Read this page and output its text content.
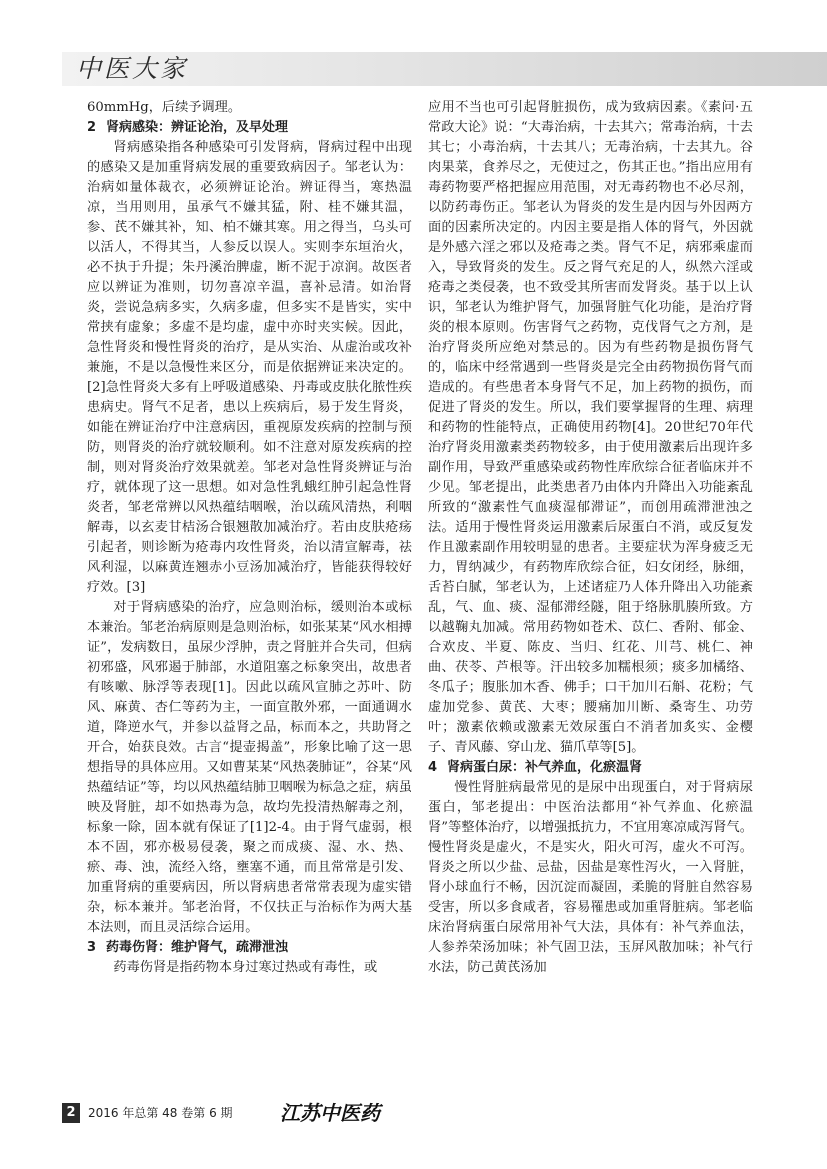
中医大家

60mmHg，后续予调理。

2 肾病感染：辨证论治，及早处理

肾病感染指各种感染可引发肾病，肾病过程中出现的感染又是加重肾病发展的重要致病因子。邹老认为：治病如量体裁衣，必须辨证论治。辨证得当，寒热温凉，当用则用，虽承气不嫌其猛，附、桂不嫌其温，参、芪不嫌其补，知、柏不嫌其寒。用之得当，乌头可以活人，不得其当，人参反以误人。实则李东垣治火，必不执于升提；朱丹溪治脾虚，断不泥于凉润。故医者应以辨证为准则，切勿喜凉辛温，喜补忌清。如治肾炎，尝说急病多实，久病多虚，但多实不是皆实，实中常挟有虚象；多虚不是均虚，虚中亦时夹实候。因此，急性肾炎和慢性肾炎的治疗，是从实治、从虚治或攻补兼施，不是以急慢性来区分，而是依据辨证来决定的。[2]急性肾炎大多有上呼吸道感染、丹毒或皮肤化脓性疾患病史。肾气不足者，患以上疾病后，易于发生肾炎，如能在辨证治疗中注意病因，重视原发疾病的控制与预防，则肾炎的治疗就较顺利。如不注意对原发疾病的控制，则对肾炎治疗效果就差。邹老对急性肾炎辨证与治疗，就体现了这一思想。如对急性乳蛾红肿引起急性肾炎者，邹老常辨以风热蕴结咽喉，治以疏风清热，利咽解毒，以玄麦甘桔汤合银翘散加减治疗。若由皮肤疮疡引起者，则诊断为疮毒内攻性肾炎，治以清宣解毒，祛风利湿，以麻黄连翘赤小豆汤加减治疗，皆能获得较好疗效。[3]

对于肾病感染的治疗，应急则治标，缓则治本或标本兼治。邹老治病原则是急则治标，如张某某“风水相搏证”，发病数日，虽尿少浮肿，责之肾脏并合失司，但病初邪盛，风邪遏于肺部，水道阻塞之标象突出，故患者有咳嗽、脉浮等表现[1]。因此以疏风宣肺之苏叶、防风、麻黄、杏仁等药为主，一面宣散外邪，一面通调水道，降逆水气，并参以益肾之品，标而本之，共助肾之开合，始获良效。古言“提壶揭盖”，形象比喻了这一思想指导的具体应用。又如曹某某“风热袭肺证”，谷某“风热蕴结证”等，均以风热蕴结肺卫咽喉为标急之症，病虽映及肾脏，却不如热毒为急，故均先投清热解毒之剂，标象一除，固本就有保证了[1]2-4。由于肾气虚弱，根本不固，邪亦极易侵袭，聚之而成痰、湿、水、热、瘀、毒、浊，流经入络，壅塞不通，而且常常是引发、加重肾病的重要病因，所以肾病患者常常表现为虚实错杂，标本兼并。邹老治肾，不仅扶正与治标作为两大基本法则，而且灵活综合运用。

3 药毒伤肾：维护肾气，疏滞泄浊

药毒伤肾是指药物本身过寒过热或有毒性，或

应用不当也可引起肾脏损伤，成为致病因素。《素问·五常政大论》说：“大毒治病，十去其六；常毒治病，十去其七；小毒治病，十去其八；无毒治病，十去其九。谷肉果菜，食养尽之，无使过之，伤其正也。”指出应用有毒药物要严格把握应用范围，对无毒药物也不必尽剂，以防药毒伤正。邹老认为肾炎的发生是内因与外因两方面的因素所决定的。内因主要是指人体的肾气，外因就是外感六淫之邪以及疮毒之类。肾气不足，病邪乘虚而入，导致肾炎的发生。反之肾气充足的人，纵然六淫或疮毒之类侵袭，也不致受其所害而发肾炎。基于以上认识，邹老认为维护肾气，加强肾脏气化功能，是治疗肾炎的根本原则。伤害肾气之药物，克伐肾气之方剂，是治疗肾炎所应绝对禁忌的。因为有些药物是损伤肾气的，临床中经常遇到一些肾炎是完全由药物损伤肾气而造成的。有些患者本身肾气不足，加上药物的损伤，而促进了肾炎的发生。所以，我们要掌握肾的生理、病理和药物的性能特点，正确使用药物[4]。20世纪70年代治疗肾炎用激素类药物较多，由于使用激素后出现许多副作用，导致严重感染或药物性库欣综合征者临床并不少见。邹老提出，此类患者乃由体内升降出入功能紊乱所致的“激素性气血痰湿郁滞证”，而创用疏滞泄浊之法。适用于慢性肾炎运用激素后尿蛋白不消，或反复发作且激素副作用较明显的患者。主要症状为浑身疲乏无力，胃纳减少，有药物库欣综合征，妇女闭经，脉细，舌苔白腻，邹老认为，上述诸症乃人体升降出入功能紊乱，气、血、痰、湿郁滞经隧，阻于络脉肌腠所致。方以越鞠丸加减。常用药物如苍术、苡仁、香附、郁金、合欢皮、半夏、陈皮、当归、红花、川芎、桃仁、神曲、茯苓、芦根等。汗出较多加糯根须；痰多加橘络、冬瓜子；腹胀加木香、佛手；口干加川石斛、花粉；气虚加党参、黄芪、大枣；腰痛加川断、桑寄生、功劳叶；激素依赖或激素无效尿蛋白不消者加炙实、金樱子、青风藤、穿山龙、猫爪草等[5]。

4 肾病蛋白尿：补气养血，化瘀温肾

慢性肾脏病最常见的是尿中出现蛋白，对于肾病尿蛋白，邹老提出：中医治法都用“补气养血、化瘀温肾”等整体治疗，以增强抵抗力，不宜用寒凉咸泻肾气。慢性肾炎是虚火，不是实火，阳火可泻，虚火不可泻。肾炎之所以少盐、忌盐，因盐是寒性泻火，一入肾脏，肾小球血行不畅，因沉淀而凝固，柔脆的肾脏自然容易受害，所以多食咸者，容易罹患或加重肾脏病。邹老临床治肾病蛋白尿常用补气大法，具体有：补气养血法，人参养荣汤加味；补气固卫法，玉屏风散加味；补气行水法，防己黄芪汤加

2	2016 年总第 48 卷第 6 期 江苏中医药
